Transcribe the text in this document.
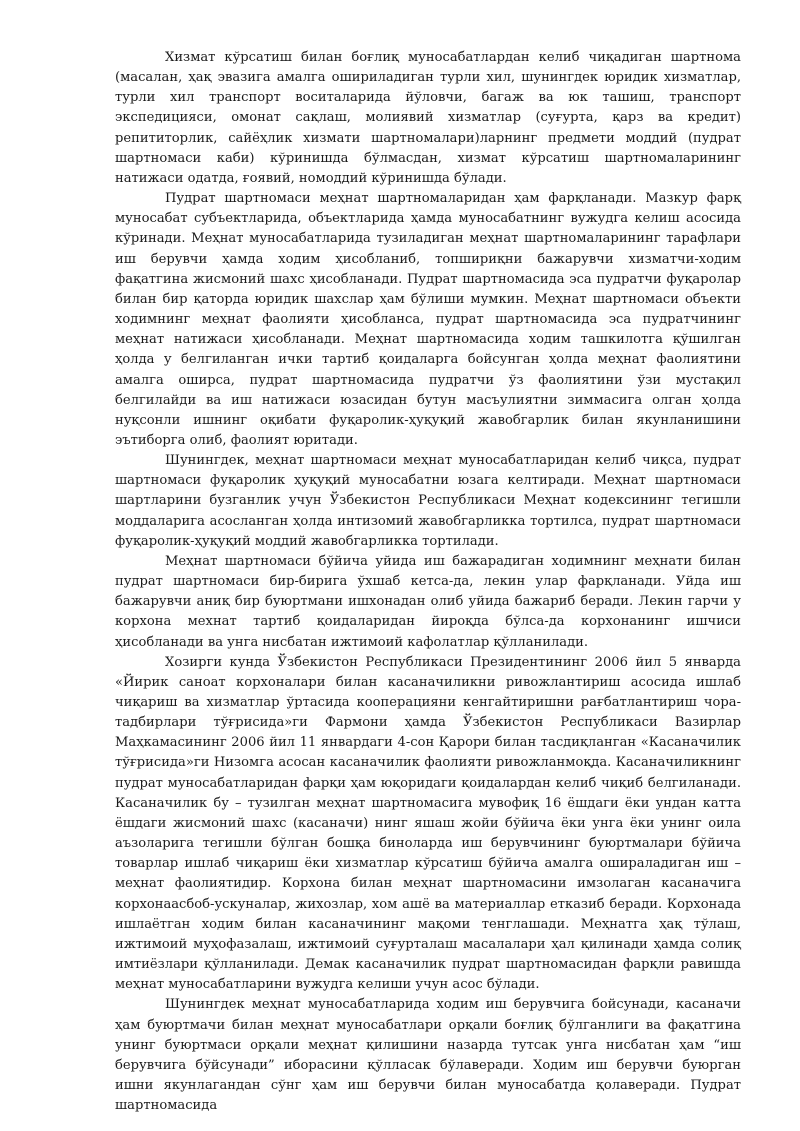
Хизмат кўрсатиш билан боғлиқ муносабатлардан келиб чиқадиган шартнома (масалан, ҳақ эвазига амалга ошириладиган турли хил, шунингдек юридик хизматлар, турли хил транспорт воситаларида йўловчи, багаж ва юк ташиш, транспорт экспедицияси, омонат сақлаш, молиявий хизматлар (суғурта, қарз ва кредит) репититорлик, сайёҳлик хизмати шартномалари)ларнинг предмети моддий (пудрат шартномаси каби) кўринишда бўлмасдан, хизмат кўрсатиш шартномаларининг натижаси одатда, ғоявий, номоддий кўринишда бўлади.

Пудрат шартномаси меҳнат шартномаларидан ҳам фарқланади. Мазкур фарқ муносабат субъектларида, объектларида ҳамда муносабатнинг вужудга келиш асосида кўринади. Меҳнат муносабатларида тузиладиган меҳнат шартномаларининг тарафлари иш берувчи ҳамда ходим ҳисобланиб, топшириқни бажарувчи хизматчи-ходим фақатгина жисмоний шахс ҳисобланади. Пудрат шартномасида эса пудратчи фуқаролар билан бир қаторда юридик шахслар ҳам бўлиши мумкин. Меҳнат шартномаси объекти ходимнинг меҳнат фаолияти ҳисобланса, пудрат шартномасида эса пудратчининг меҳнат натижаси ҳисобланади. Меҳнат шартномасида ходим ташкилотга қўшилган ҳолда у белгиланган ички тартиб қоидаларга бойсунган ҳолда меҳнат фаолиятини амалга оширса, пудрат шартномасида пудратчи ўз фаолиятини ўзи мустақил белгилайди ва иш натижаси юзасидан бутун масъулиятни зиммасига олган ҳолда нуқсонли ишнинг оқибати фуқаролик-ҳуқуқий жавобгарлик билан якунланишини эътиборга олиб, фаолият юритади.

Шунингдек, меҳнат шартномаси меҳнат муносабатларидан келиб чиқса, пудрат шартномаси фуқаролик ҳуқуқий муносабатни юзага келтиради. Меҳнат шартномаси шартларини бузганлик учун Ўзбекистон Республикаси Меҳнат кодексининг тегишли моддаларига асосланган ҳолда интизомий жавобгарликка тортилса, пудрат шартномаси фуқаролик-ҳуқуқий моддий жавобгарликка тортилади.

Меҳнат шартномаси бўйича уйида иш бажарадиган ходимнинг меҳнати билан пудрат шартномаси бир-бирига ўхшаб кетса-да, лекин улар фарқланади. Уйда иш бажарувчи аниқ бир буюртмани ишхонадан олиб уйида бажариб беради. Лекин гарчи у корхона мехнат тартиб қоидаларидан йироқда бўлса-да корхонанинг ишчиси ҳисобланади ва унга нисбатан ижтимоий кафолатлар қўлланилади.

Хозирги кунда Ўзбекистон Республикаси Президентининг 2006 йил 5 январда «Йирик саноат корхоналари билан касаначиликни ривожлантириш асосида ишлаб чиқариш ва хизматлар ўртасида кооперацияни кенгайтиришни рағбатлантириш чора-тадбирлари тўғрисида»ги Фармони ҳамда Ўзбекистон Республикаси Вазирлар Маҳкамасининг 2006 йил 11 январдаги 4-сон Қарори билан тасдиқланган «Касаначилик тўғрисида»ги Низомга асосан касаначилик фаолияти ривожланмоқда. Касаначиликнинг пудрат муносабатларидан фарқи ҳам юқоридаги қоидалардан келиб чиқиб белгиланади. Касаначилик бу – тузилган меҳнат шартномасига мувофиқ 16 ёшдаги ёки ундан катта ёшдаги жисмоний шахс (касаначи) нинг яшаш жойи бўйича ёки унга ёки унинг оила аъзоларига тегишли бўлган бошқа биноларда иш берувчининг буюртмалари бўйича товарлар ишлаб чиқариш ёки хизматлар кўрсатиш бўйича амалга ошираладиган иш – меҳнат фаолиятидир. Корхона билан меҳнат шартномасини имзолаган касаначига корхонаасбоб-ускуналар, жихозлар, хом ашё ва материаллар етказиб беради. Корхонада ишлаётган ходим билан касаначининг мақоми тенглашади. Меҳнатга ҳақ тўлаш, ижтимоий муҳофазалаш, ижтимоий суғурталаш масалалари ҳал қилинади ҳамда солиқ имтиёзлари қўлланилади. Демак касаначилик пудрат шартномасидан фарқли равишда меҳнат муносабатларини вужудга келиши учун асос бўлади.

Шунингдек меҳнат муносабатларида ходим иш берувчига бойсунади, касаначи ҳам буюртмачи билан меҳнат муносабатлари орқали боғлиқ бўлганлиги ва фақатгина унинг буюртмаси орқали меҳнат қилишини назарда тутсак унга нисбатан ҳам “иш берувчига бўйсунади” иборасини қўлласак бўлаверади. Ходим иш берувчи буюрган ишни якунлагандан сўнг ҳам иш берувчи билан муносабатда қолаверади. Пудрат шартномасида
